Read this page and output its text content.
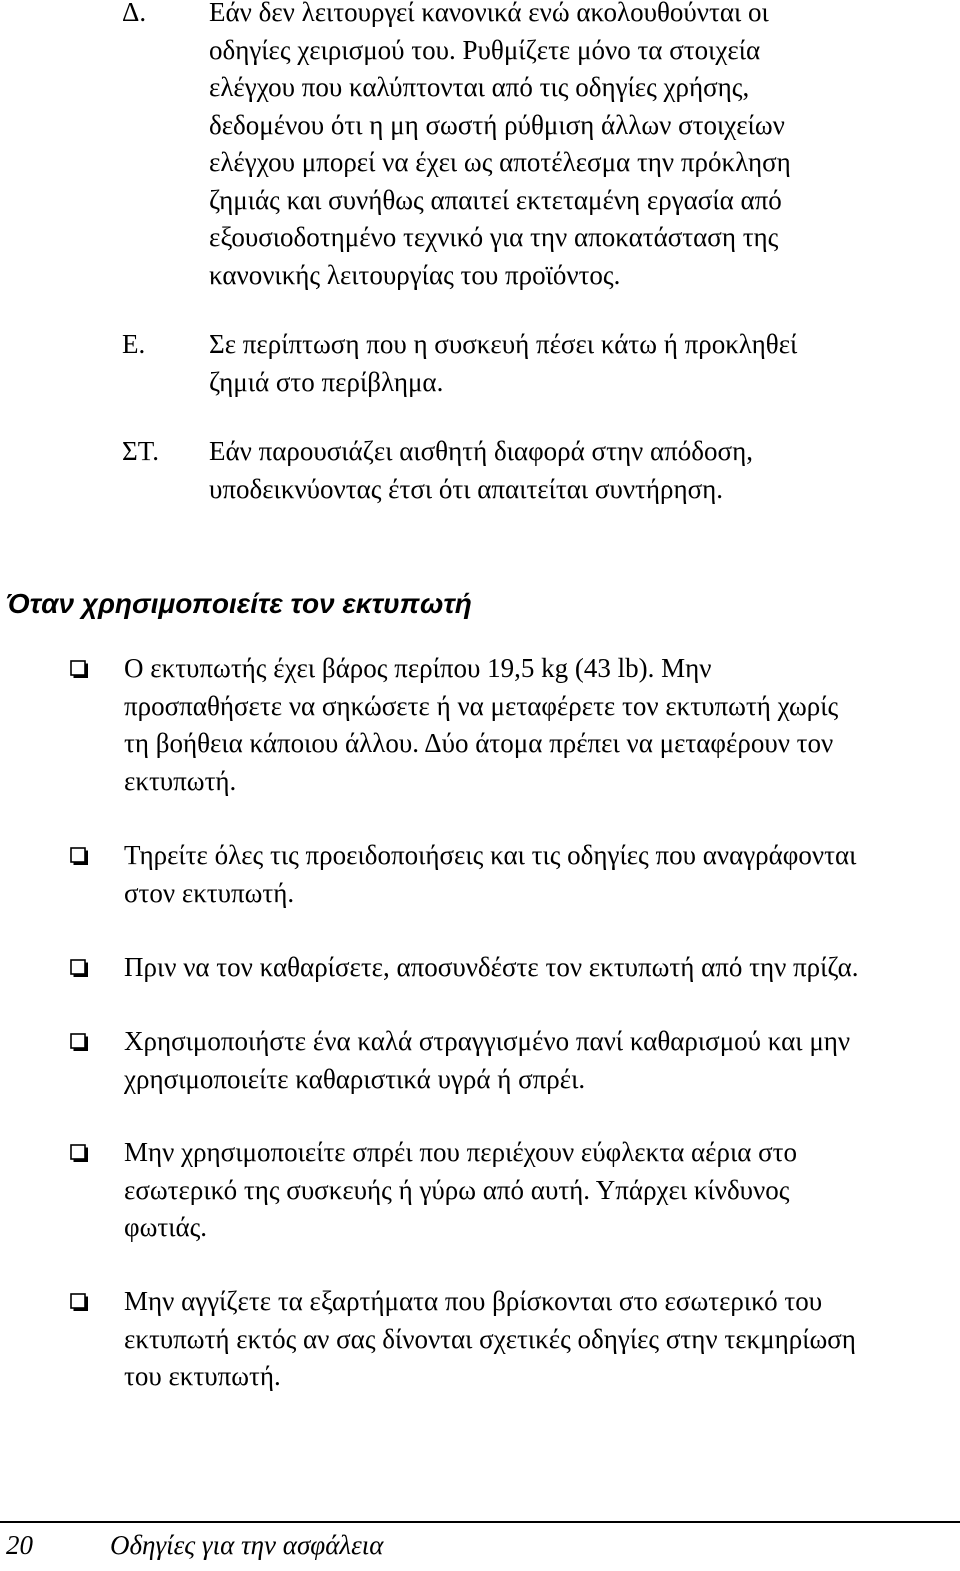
Δ. Εάν δεν λειτουργεί κανονικά ενώ ακολουθούνται οι
οδηγίες χειρισμού του. Ρυθμίζετε μόνο τα στοιχεία
ελέγχου που καλύπτονται από τις οδηγίες χρήσης,
δεδομένου ότι η μη σωστή ρύθμιση άλλων στοιχείων
ελέγχου μπορεί να έχει ως αποτέλεσμα την πρόκληση
ζημιάς και συνήθως απαιτεί εκτεταμένη εργασία από
εξουσιοδοτημένο τεχνικό για την αποκατάσταση της
κανονικής λειτουργίας του προϊόντος.
Ε. Σε περίπτωση που η συσκευή πέσει κάτω ή προκληθεί
ζημιά στο περίβλημα.
ΣΤ. Εάν παρουσιάζει αισθητή διαφορά στην απόδοση,
υποδεικνύοντας έτσι ότι απαιτείται συντήρηση.
Όταν χρησιμοποιείτε τον εκτυπωτή
Ο εκτυπωτής έχει βάρος περίπου 19,5 kg (43 lb). Μην
προσπαθήσετε να σηκώσετε ή να μεταφέρετε τον εκτυπωτή χωρίς
τη βοήθεια κάποιου άλλου. Δύο άτομα πρέπει να μεταφέρουν τον
εκτυπωτή.
Τηρείτε όλες τις προειδοποιήσεις και τις οδηγίες που αναγράφονται
στον εκτυπωτή.
Πριν να τον καθαρίσετε, αποσυνδέστε τον εκτυπωτή από την πρίζα.
Χρησιμοποιήστε ένα καλά στραγγισμένο πανί καθαρισμού και μην
χρησιμοποιείτε καθαριστικά υγρά ή σπρέι.
Μην χρησιμοποιείτε σπρέι που περιέχουν εύφλεκτα αέρια στο
εσωτερικό της συσκευής ή γύρω από αυτή. Υπάρχει κίνδυνος
φωτιάς.
Μην αγγίζετε τα εξαρτήματα που βρίσκονται στο εσωτερικό του
εκτυπωτή εκτός αν σας δίνονται σχετικές οδηγίες στην τεκμηρίωση
του εκτυπωτή.
20	Οδηγίες για την ασφάλεια
